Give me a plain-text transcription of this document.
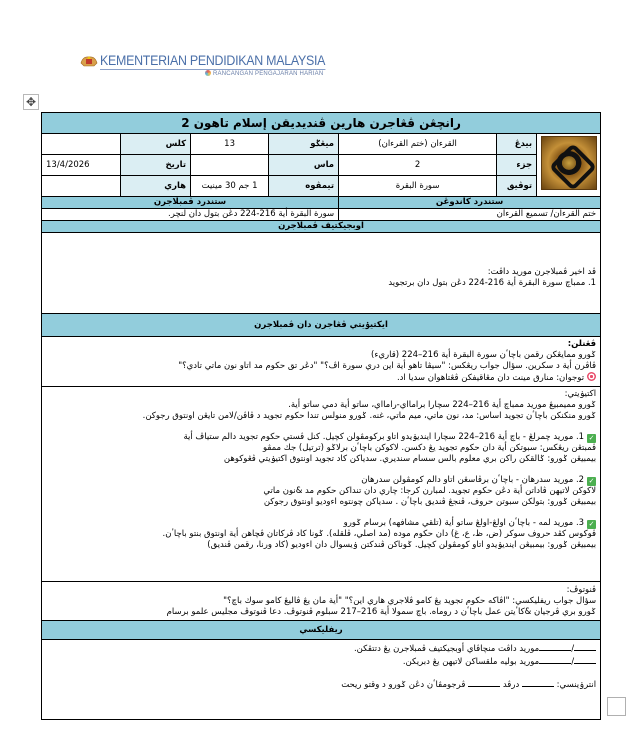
KEMENTERIAN PENDIDIKAN MALAYSIA
RANCANGAN PENGAJARAN HARIAN
✥
رانچڠن ڤڠاجرن هارين ڤنديديقن إسلام تاهون 2						
	بيدڠ	القرءان (ختم القرءان)	ميڠݢو	13	كلس	
	جزء	2	ماس		تاريخ	13/4/2026
	توڤيق	سورة البقرة	تيمڤوه	1 جم 30 مينيت	هاري	
ستندرد كاندوڠن			ستندرد ڤمبلاجرن			
ختم القرءان/ تسميع القرءان			سورة البقرة أية 216-224 دڠن بتول دان لنچر.			
اوبجيكتيف ڤمبلاجرن						

ڤد اخير ڤمبلاجرن موريد داڤت:

1. ممباچ سورة البقرة أية 216-224 دڠن بتول دان برتجويد						

ايكتيۏيتي ڤڠاجرن دان ڤمبلاجرن						

ڤڠنلن:

ݢورو ممايڠكن رقمن باچاٴن سورة البقرة أية 216–224 (قاريء)

ڤاڤرن أية د سكرين. سؤال جواب ريڠكس: "سيڤا تاهو أية اين دري سورة اڤ؟" "دڠر تق حكوم مد اتاو نون ماتي تادي؟"

توجوان: منارق مينت دان مڠاقيفكن ڤڠتاهوان سديا اد.						

اكتيۏيتي:

ݢورو مميمبيڠ موريد ممباچ أية 216–224 سچارا برامااي-رامااي، ساتو أية دمي ساتو أية.

ݢورو منكنكن باچاٴن تجويد اساس: مد، نون ماتي، ميم ماتي، غنه. ݢورو منولس تندا حكوم تجويد د ڤاڤن/لامن تايڠن اونتوق رجوكن.

✓1. موريد چمرلڠ - باچ أية 216–224 سچارا اينديۏيدو اتاو بركومڤولن كچيل. كنل ڤستي حكوم تجويد دالم ستياڤ أية

ڤمبتڠن ريڠكس: سبوتكن أية دان حكوم تجويد يڠ دكسن. لاكوكن باچاٴن برلاݢو (ترتيل) جك ممڤو

بيمبيڠن ݢورو: ݢالقكن راكن بري معلوم بالس سسام سنديري. سدياكن كاد تجويد اونتوق اكتيۏيتي ڤڠوكوهن

✓2. موريد سدرهان - باچاٴن برڤاسڠن اتاو دالم كومڤولن سدرهان

لاكوكن لاتيهن ڤاداتن أية دڠن حكوم تجويد. لمبارن كرجا: چاري دان تنداكن حكوم مد &نون ماتي

بيمبيڠن ݢورو: بتولكن سبوتن حروف، ڤنجڠ ڤنديق باچاٴن . سدياكن چونتوه اءوديو اونتوق رجوكن

✓3. موريد لمه - باچاٴن اولڠ-اولڠ ساتو أية (تلقي مشافهه) برسام ݢورو

ڤوكوس كڤد حروف سوكر (ض، ظ، ع، غ) دان حكوم موده (مد اصلي، ڤلقله). ݢونا كاد ڤركاتان ڤچاهن أية اونتوق بنتو باچاٴن.

بيمبيڠن ݢورو: بيمبيڠن اينديۏيدو اتاو كومڤولن كچيل. ݢوناكن ڤندكتن ۏيسوال دان اءوديو (كاد ورنا، رقمن ڤنديق)

ڤنوتوڤ:

سؤال جواب ريفليكسي: "اڤاكه حكوم تجويد يڠ كامو ڤلاجري هاري اين؟" "أية مان يڠ ڤاليڠ كامو سوك باچ؟"

ݢورو بري ڤرجيان &كاٴيتن عمل باچاٴن د روماه. باچ سمولا أية 216–217 سبلوم ڤنوتوڤ. دعا ڤنوتوڤ مجليس علمو برسام						

ريفليكسي						

/موريد داڤت منچاڤاي أوبجيكتيف ڤمبلاجرن يڠ دتتڤكن.

/موريد بوليه ملقساكن لاتيهن يڠ دبريكن.

انترۏينسي:  درڤد  ڤرجومڤاٴن دڠن ݢورو د وقتو ريحت						
